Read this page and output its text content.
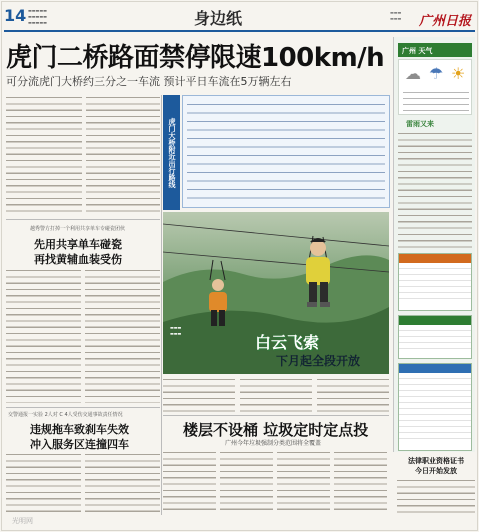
14 ▬▬▬▬▬
▬▬▬▬▬
▬▬▬▬▬	身边纸	▬▬▬
▬▬▬ 广州日报
虎门二桥路面禁停限速100km/h
可分流虎门大桥约三分之一车流 预计平日车流在5万辆左右
虎门大桥附近出行路线
越秀警方打掉一个利用共享单车专碰瓷团伙
先用共享单车碰瓷
再找黄辅血装受伤
交警通报一实验 2人对 C 4人受伤交通事故责任情况
违规拖车致刹车失效
冲入服务区连撞四车
▬▬▬
▬▬▬	白云飞索
下月起全段开放
楼层不设桶 垃圾定时定点投
广州今年垃圾强制分类范围将全覆盖
广州 天气
☁ ☂ ☀
雷雨又来
法律职业资格证书
今日开始发放
光明网
